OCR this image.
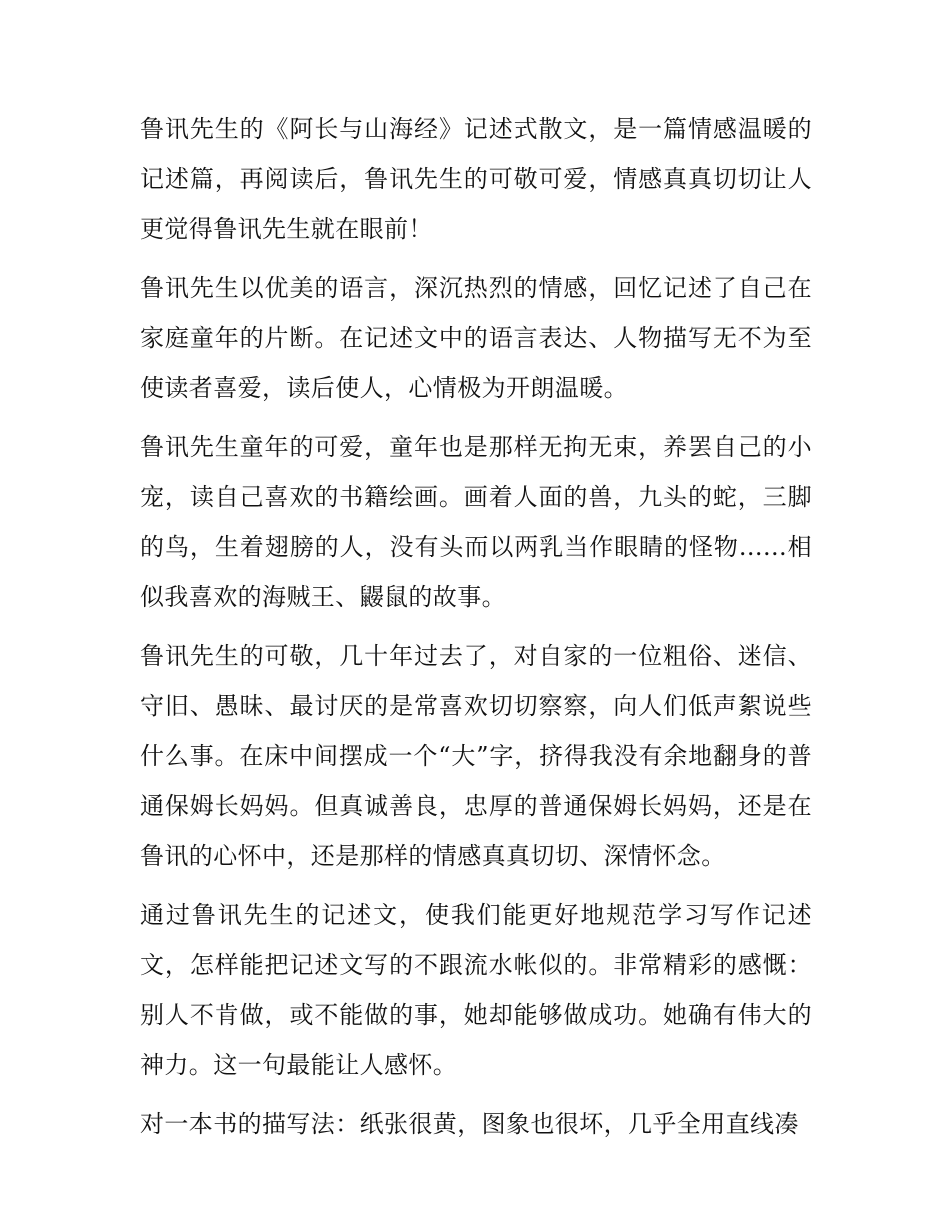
鲁讯先生的《阿长与山海经》记述式散文，是一篇情感温暖的记述篇，再阅读后，鲁讯先生的可敬可爱，情感真真切切让人更觉得鲁讯先生就在眼前！

鲁讯先生以优美的语言，深沉热烈的情感，回忆记述了自己在家庭童年的片断。在记述文中的语言表达、人物描写无不为至使读者喜爱，读后使人，心情极为开朗温暖。

鲁讯先生童年的可爱，童年也是那样无拘无束，养罢自己的小宠，读自己喜欢的书籍绘画。画着人面的兽，九头的蛇，三脚的鸟，生着翅膀的人，没有头而以两乳当作眼睛的怪物......相似我喜欢的海贼王、鼹鼠的故事。

鲁讯先生的可敬，几十年过去了，对自家的一位粗俗、迷信、守旧、愚昧、最讨厌的是常喜欢切切察察，向人们低声絮说些什么事。在床中间摆成一个“大”字，挤得我没有余地翻身的普通保姆长妈妈。但真诚善良，忠厚的普通保姆长妈妈，还是在鲁讯的心怀中，还是那样的情感真真切切、深情怀念。

通过鲁讯先生的记述文，使我们能更好地规范学习写作记述文，怎样能把记述文写的不跟流水帐似的。非常精彩的感慨：别人不肯做，或不能做的事，她却能够做成功。她确有伟大的神力。这一句最能让人感怀。

对一本书的描写法：纸张很黄，图象也很坏，几乎全用直线凑
